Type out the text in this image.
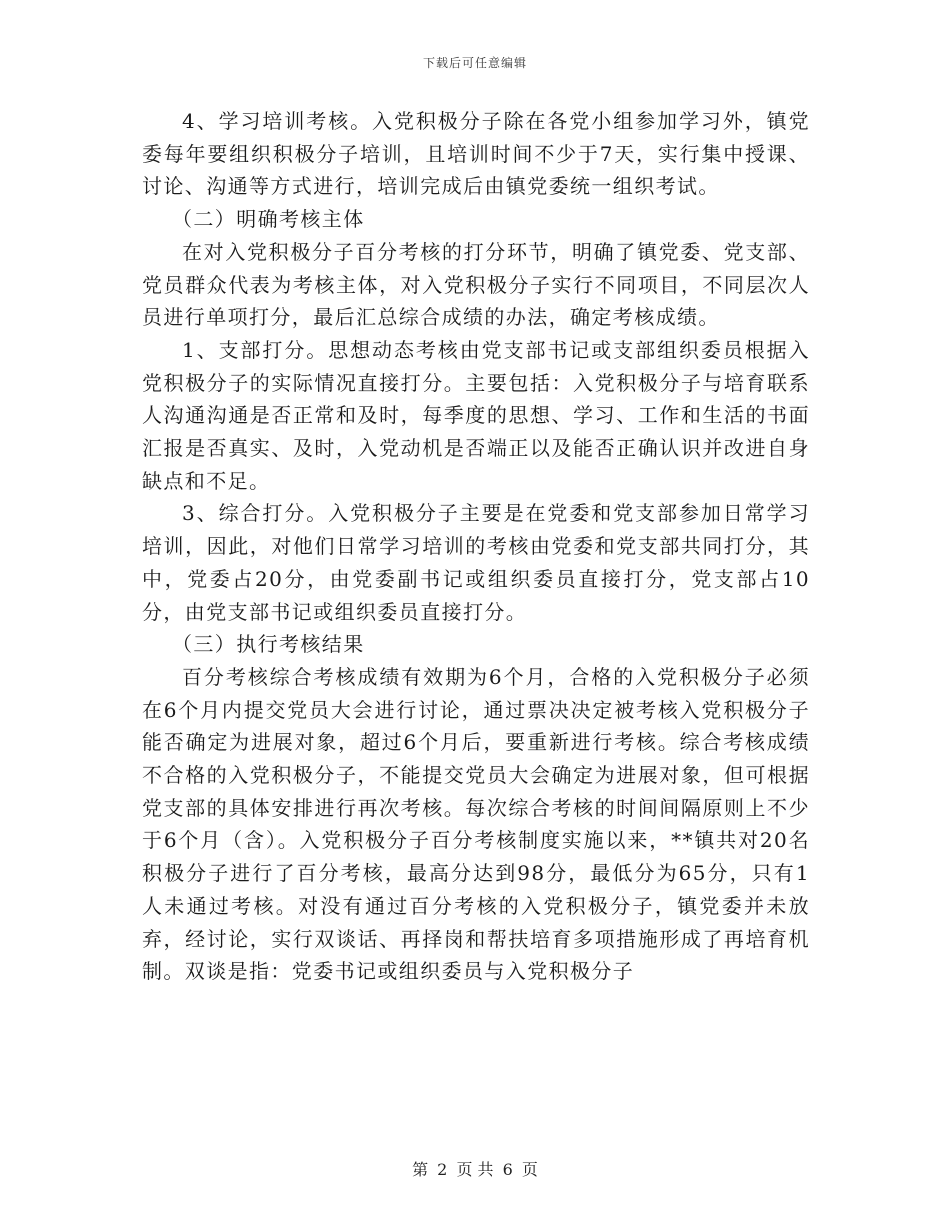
下载后可任意编辑

4、学习培训考核。入党积极分子除在各党小组参加学习外，镇党委每年要组织积极分子培训，且培训时间不少于7天，实行集中授课、讨论、沟通等方式进行，培训完成后由镇党委统一组织考试。

（二）明确考核主体

在对入党积极分子百分考核的打分环节，明确了镇党委、党支部、党员群众代表为考核主体，对入党积极分子实行不同项目，不同层次人员进行单项打分，最后汇总综合成绩的办法，确定考核成绩。

1、支部打分。思想动态考核由党支部书记或支部组织委员根据入党积极分子的实际情况直接打分。主要包括：入党积极分子与培育联系人沟通沟通是否正常和及时，每季度的思想、学习、工作和生活的书面汇报是否真实、及时，入党动机是否端正以及能否正确认识并改进自身缺点和不足。

3、综合打分。入党积极分子主要是在党委和党支部参加日常学习培训，因此，对他们日常学习培训的考核由党委和党支部共同打分，其中，党委占20分，由党委副书记或组织委员直接打分，党支部占10分，由党支部书记或组织委员直接打分。

（三）执行考核结果

百分考核综合考核成绩有效期为6个月，合格的入党积极分子必须在6个月内提交党员大会进行讨论，通过票决决定被考核入党积极分子能否确定为进展对象，超过6个月后，要重新进行考核。综合考核成绩不合格的入党积极分子，不能提交党员大会确定为进展对象，但可根据党支部的具体安排进行再次考核。每次综合考核的时间间隔原则上不少于6个月（含）。入党积极分子百分考核制度实施以来，**镇共对20名积极分子进行了百分考核，最高分达到98分，最低分为65分，只有1人未通过考核。对没有通过百分考核的入党积极分子，镇党委并未放弃，经讨论，实行双谈话、再择岗和帮扶培育多项措施形成了再培育机制。双谈是指：党委书记或组织委员与入党积极分子

第 2 页 共 6 页
